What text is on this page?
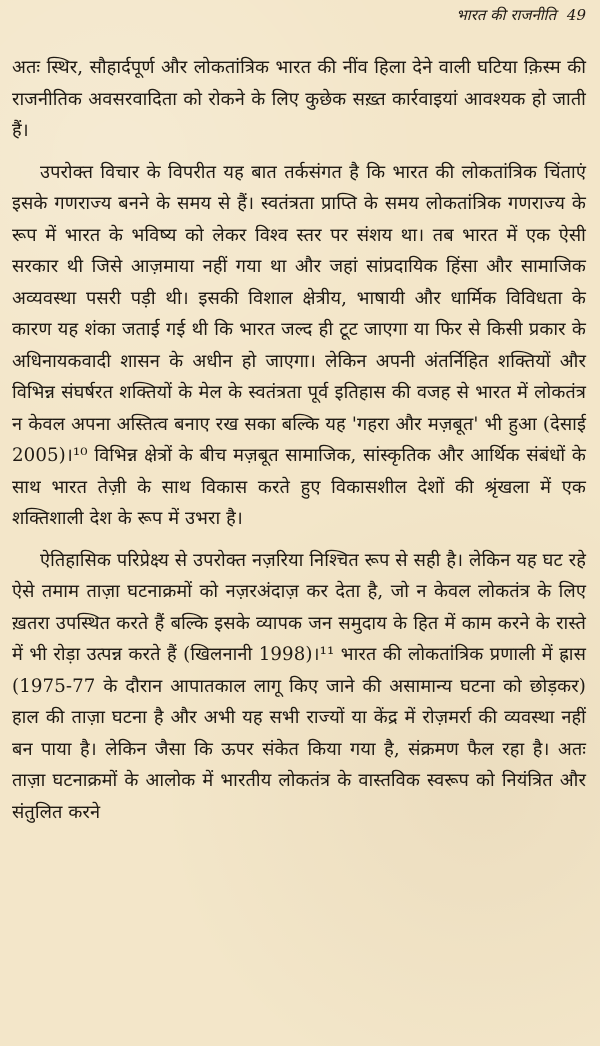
भारत की राजनीति 49

अतः स्थिर, सौहार्दपूर्ण और लोकतांत्रिक भारत की नींव हिला देने वाली घटिया क़िस्म की राजनीतिक अवसरवादिता को रोकने के लिए कुछेक सख़्त कार्रवाइयां आवश्यक हो जाती हैं।

उपरोक्त विचार के विपरीत यह बात तर्कसंगत है कि भारत की लोकतांत्रिक चिंताएं इसके गणराज्य बनने के समय से हैं। स्वतंत्रता प्राप्ति के समय लोकतांत्रिक गणराज्य के रूप में भारत के भविष्य को लेकर विश्व स्तर पर संशय था। तब भारत में एक ऐसी सरकार थी जिसे आज़माया नहीं गया था और जहां सांप्रदायिक हिंसा और सामाजिक अव्यवस्था पसरी पड़ी थी। इसकी विशाल क्षेत्रीय, भाषायी और धार्मिक विविधता के कारण यह शंका जताई गई थी कि भारत जल्द ही टूट जाएगा या फिर से किसी प्रकार के अधिनायकवादी शासन के अधीन हो जाएगा। लेकिन अपनी अंतर्निहित शक्तियों और विभिन्न संघर्षरत शक्तियों के मेल के स्वतंत्रता पूर्व इतिहास की वजह से भारत में लोकतंत्र न केवल अपना अस्तित्व बनाए रख सका बल्कि यह 'गहरा और मज़बूत' भी हुआ (देसाई 2005)।¹⁰ विभिन्न क्षेत्रों के बीच मज़बूत सामाजिक, सांस्कृतिक और आर्थिक संबंधों के साथ भारत तेज़ी के साथ विकास करते हुए विकासशील देशों की श्रृंखला में एक शक्तिशाली देश के रूप में उभरा है।

ऐतिहासिक परिप्रेक्ष्य से उपरोक्त नज़रिया निश्चित रूप से सही है। लेकिन यह घट रहे ऐसे तमाम ताज़ा घटनाक्रमों को नज़रअंदाज़ कर देता है, जो न केवल लोकतंत्र के लिए ख़तरा उपस्थित करते हैं बल्कि इसके व्यापक जन समुदाय के हित में काम करने के रास्ते में भी रोड़ा उत्पन्न करते हैं (खिलनानी 1998)।¹¹ भारत की लोकतांत्रिक प्रणाली में ह्रास (1975-77 के दौरान आपातकाल लागू किए जाने की असामान्य घटना को छोड़कर) हाल की ताज़ा घटना है और अभी यह सभी राज्यों या केंद्र में रोज़मर्रा की व्यवस्था नहीं बन पाया है। लेकिन जैसा कि ऊपर संकेत किया गया है, संक्रमण फैल रहा है। अतः ताज़ा घटनाक्रमों के आलोक में भारतीय लोकतंत्र के वास्तविक स्वरूप को नियंत्रित और संतुलित करने
